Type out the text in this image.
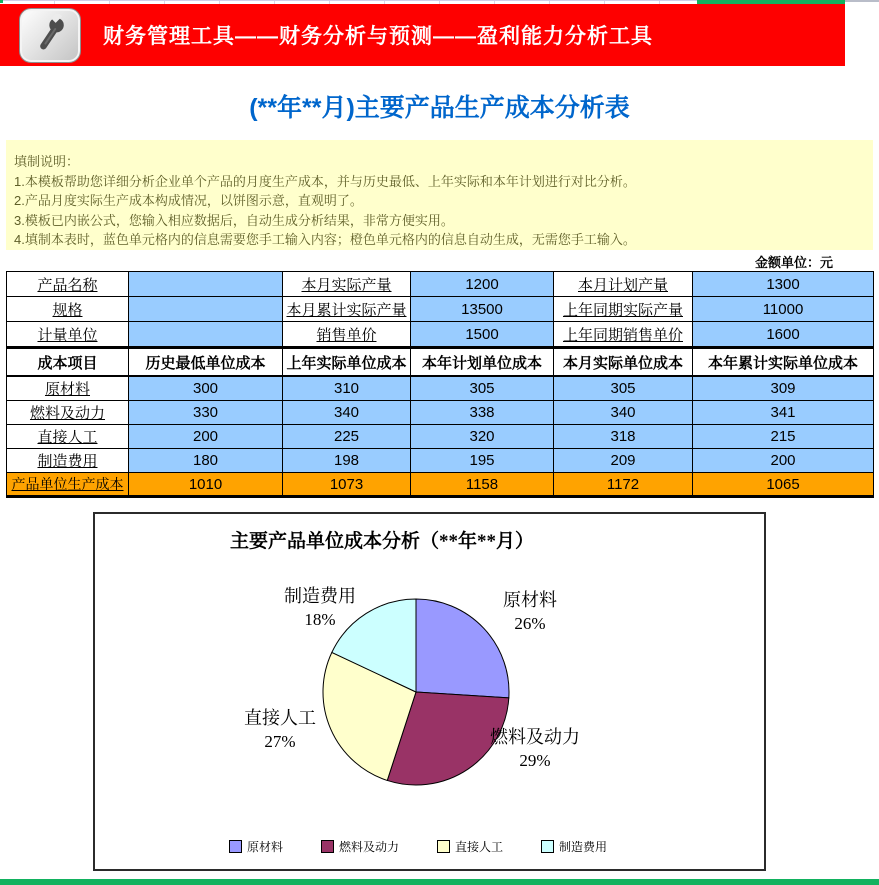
财务管理工具——财务分析与预测——盈利能力分析工具
(**年**月)主要产品生产成本分析表

填制说明：

1.本模板帮助您详细分析企业单个产品的月度生产成本，并与历史最低、上年实际和本年计划进行对比分析。

2.产品月度实际生产成本构成情况，以饼图示意，直观明了。

3.模板已内嵌公式，您输入相应数据后，自动生成分析结果，非常方便实用。

4.填制本表时，蓝色单元格内的信息需要您手工输入内容；橙色单元格内的信息自动生成，无需您手工输入。

金额单位：元
产品名称		本月实际产量	1200	本月计划产量	1300
规格		本月累计实际产量	13500	上年同期实际产量	11000
计量单位		销售单价	1500	上年同期销售单价	1600
成本项目	历史最低单位成本	上年实际单位成本	本年计划单位成本	本月实际单位成本	本年累计实际单位成本
原材料	300	310	305	305	309
燃料及动力	330	340	338	340	341
直接人工	200	225	320	318	215
制造费用	180	198	195	209	200
产品单位生产成本	1010	1073	1158	1172	1065
主要产品单位成本分析（**年**月）
制造费用
18%
原材料
26%
直接人工
27%	燃料及动力
29%
原材料	燃料及动力	直接人工	制造费用
